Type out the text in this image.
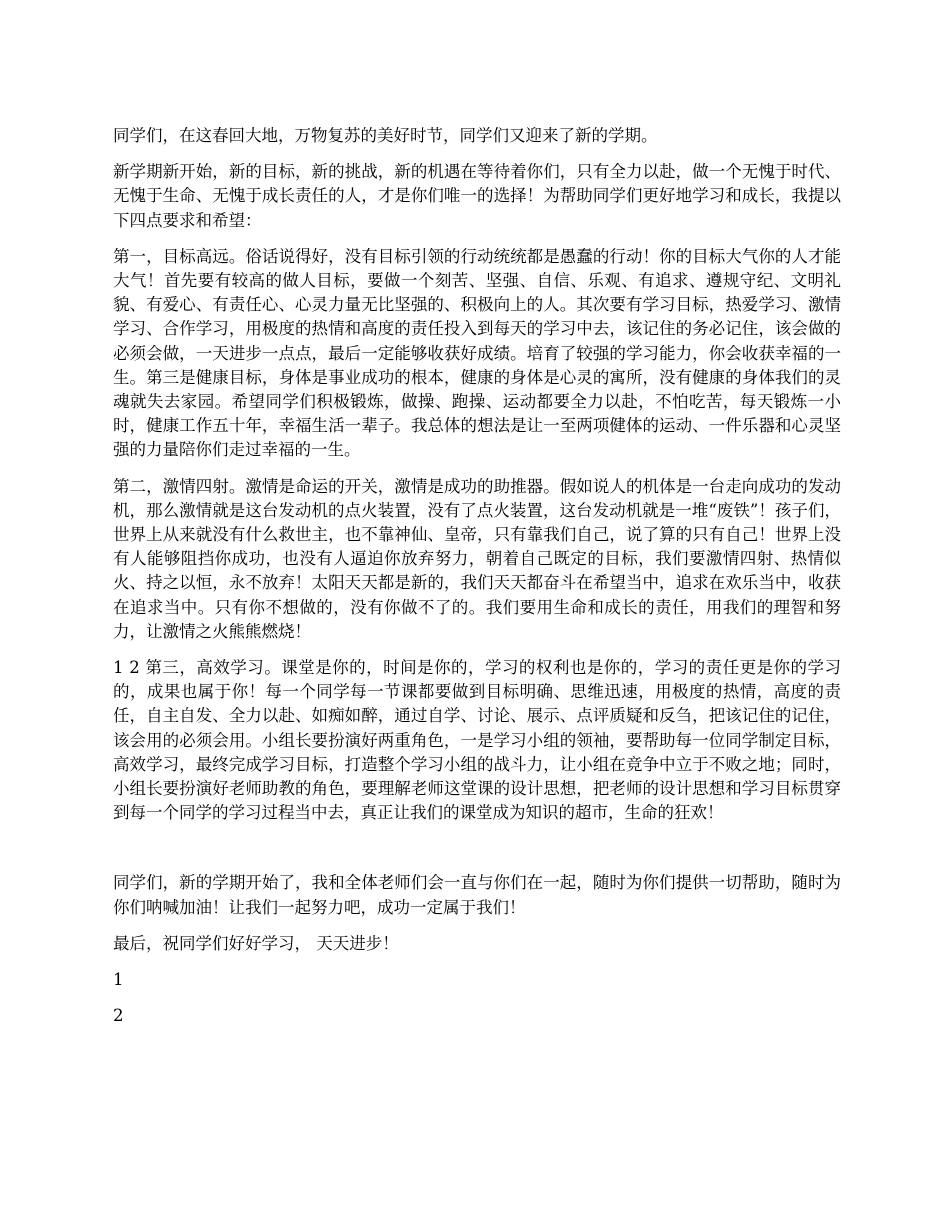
同学们，在这春回大地，万物复苏的美好时节，同学们又迎来了新的学期。

新学期新开始，新的目标，新的挑战，新的机遇在等待着你们，只有全力以赴，做一个无愧于时代、无愧于生命、无愧于成长责任的人，才是你们唯一的选择！为帮助同学们更好地学习和成长，我提以下四点要求和希望：

第一，目标高远。俗话说得好，没有目标引领的行动统统都是愚蠢的行动！你的目标大气你的人才能大气！首先要有较高的做人目标，要做一个刻苦、坚强、自信、乐观、有追求、遵规守纪、文明礼貌、有爱心、有责任心、心灵力量无比坚强的、积极向上的人。其次要有学习目标，热爱学习、激情学习、合作学习，用极度的热情和高度的责任投入到每天的学习中去，该记住的务必记住，该会做的必须会做，一天进步一点点，最后一定能够收获好成绩。培育了较强的学习能力，你会收获幸福的一生。第三是健康目标，身体是事业成功的根本，健康的身体是心灵的寓所，没有健康的身体我们的灵魂就失去家园。希望同学们积极锻炼，做操、跑操、运动都要全力以赴，不怕吃苦，每天锻炼一小时，健康工作五十年，幸福生活一辈子。我总体的想法是让一至两项健体的运动、一件乐器和心灵坚强的力量陪你们走过幸福的一生。

第二，激情四射。激情是命运的开关，激情是成功的助推器。假如说人的机体是一台走向成功的发动机，那么激情就是这台发动机的点火装置，没有了点火装置，这台发动机就是一堆“废铁”！孩子们，世界上从来就没有什么救世主，也不靠神仙、皇帝，只有靠我们自己，说了算的只有自己！世界上没有人能够阻挡你成功，也没有人逼迫你放弃努力，朝着自己既定的目标，我们要激情四射、热情似火、持之以恒，永不放弃！太阳天天都是新的，我们天天都奋斗在希望当中，追求在欢乐当中，收获在追求当中。只有你不想做的，没有你做不了的。我们要用生命和成长的责任，用我们的理智和努力，让激情之火熊熊燃烧！

1 2 第三，高效学习。课堂是你的，时间是你的，学习的权利也是你的，学习的责任更是你的学习的，成果也属于你！每一个同学每一节课都要做到目标明确、思维迅速，用极度的热情，高度的责任，自主自发、全力以赴、如痴如醉，通过自学、讨论、展示、点评质疑和反刍，把该记住的记住，该会用的必须会用。小组长要扮演好两重角色，一是学习小组的领袖，要帮助每一位同学制定目标，高效学习，最终完成学习目标，打造整个学习小组的战斗力，让小组在竞争中立于不败之地；同时，小组长要扮演好老师助教的角色，要理解老师这堂课的设计思想，把老师的设计思想和学习目标贯穿到每一个同学的学习过程当中去，真正让我们的课堂成为知识的超市，生命的狂欢！

同学们，新的学期开始了，我和全体老师们会一直与你们在一起，随时为你们提供一切帮助，随时为你们呐喊加油！让我们一起努力吧，成功一定属于我们！

最后，祝同学们好好学习， 天天进步！

1

2
